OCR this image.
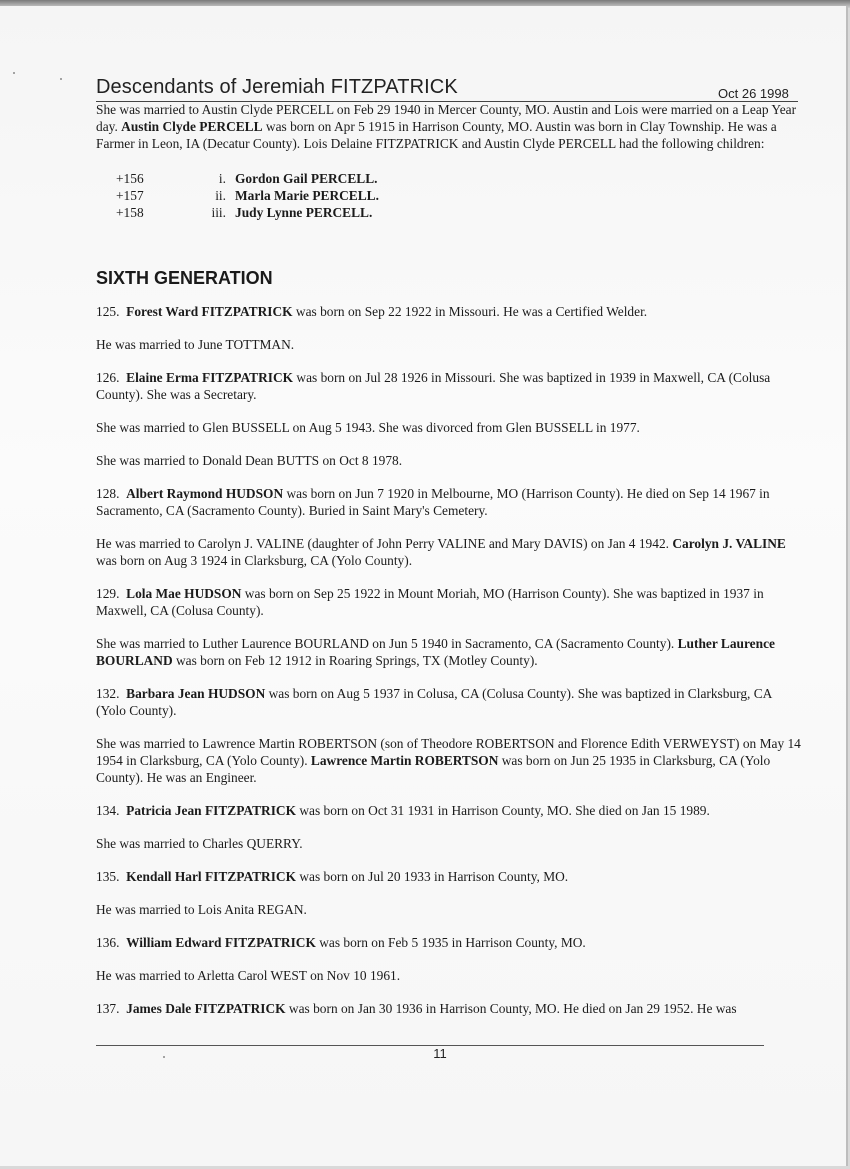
Descendants of Jeremiah FITZPATRICK	Oct 26 1998

She was married to Austin Clyde PERCELL on Feb 29 1940 in Mercer County, MO. Austin and Lois were married on a Leap Year day. Austin Clyde PERCELL was born on Apr 5 1915 in Harrison County, MO. Austin was born in Clay Township. He was a Farmer in Leon, IA (Decatur County). Lois Delaine FITZPATRICK and Austin Clyde PERCELL had the following children:

+156	i. Gordon Gail PERCELL.
+157	ii. Marla Marie PERCELL.
+158	iii. Judy Lynne PERCELL.
SIXTH GENERATION

125. Forest Ward FITZPATRICK was born on Sep 22 1922 in Missouri. He was a Certified Welder.

He was married to June TOTTMAN.

126. Elaine Erma FITZPATRICK was born on Jul 28 1926 in Missouri. She was baptized in 1939 in Maxwell, CA (Colusa County). She was a Secretary.

She was married to Glen BUSSELL on Aug 5 1943. She was divorced from Glen BUSSELL in 1977.

She was married to Donald Dean BUTTS on Oct 8 1978.

128. Albert Raymond HUDSON was born on Jun 7 1920 in Melbourne, MO (Harrison County). He died on Sep 14 1967 in Sacramento, CA (Sacramento County). Buried in Saint Mary's Cemetery.

He was married to Carolyn J. VALINE (daughter of John Perry VALINE and Mary DAVIS) on Jan 4 1942. Carolyn J. VALINE was born on Aug 3 1924 in Clarksburg, CA (Yolo County).

129. Lola Mae HUDSON was born on Sep 25 1922 in Mount Moriah, MO (Harrison County). She was baptized in 1937 in Maxwell, CA (Colusa County).

She was married to Luther Laurence BOURLAND on Jun 5 1940 in Sacramento, CA (Sacramento County). Luther Laurence BOURLAND was born on Feb 12 1912 in Roaring Springs, TX (Motley County).

132. Barbara Jean HUDSON was born on Aug 5 1937 in Colusa, CA (Colusa County). She was baptized in Clarksburg, CA (Yolo County).

She was married to Lawrence Martin ROBERTSON (son of Theodore ROBERTSON and Florence Edith VERWEYST) on May 14 1954 in Clarksburg, CA (Yolo County). Lawrence Martin ROBERTSON was born on Jun 25 1935 in Clarksburg, CA (Yolo County). He was an Engineer.

134. Patricia Jean FITZPATRICK was born on Oct 31 1931 in Harrison County, MO. She died on Jan 15 1989.

She was married to Charles QUERRY.

135. Kendall Harl FITZPATRICK was born on Jul 20 1933 in Harrison County, MO.

He was married to Lois Anita REGAN.

136. William Edward FITZPATRICK was born on Feb 5 1935 in Harrison County, MO.

He was married to Arletta Carol WEST on Nov 10 1961.

137. James Dale FITZPATRICK was born on Jan 30 1936 in Harrison County, MO. He died on Jan 29 1952. He was

11
